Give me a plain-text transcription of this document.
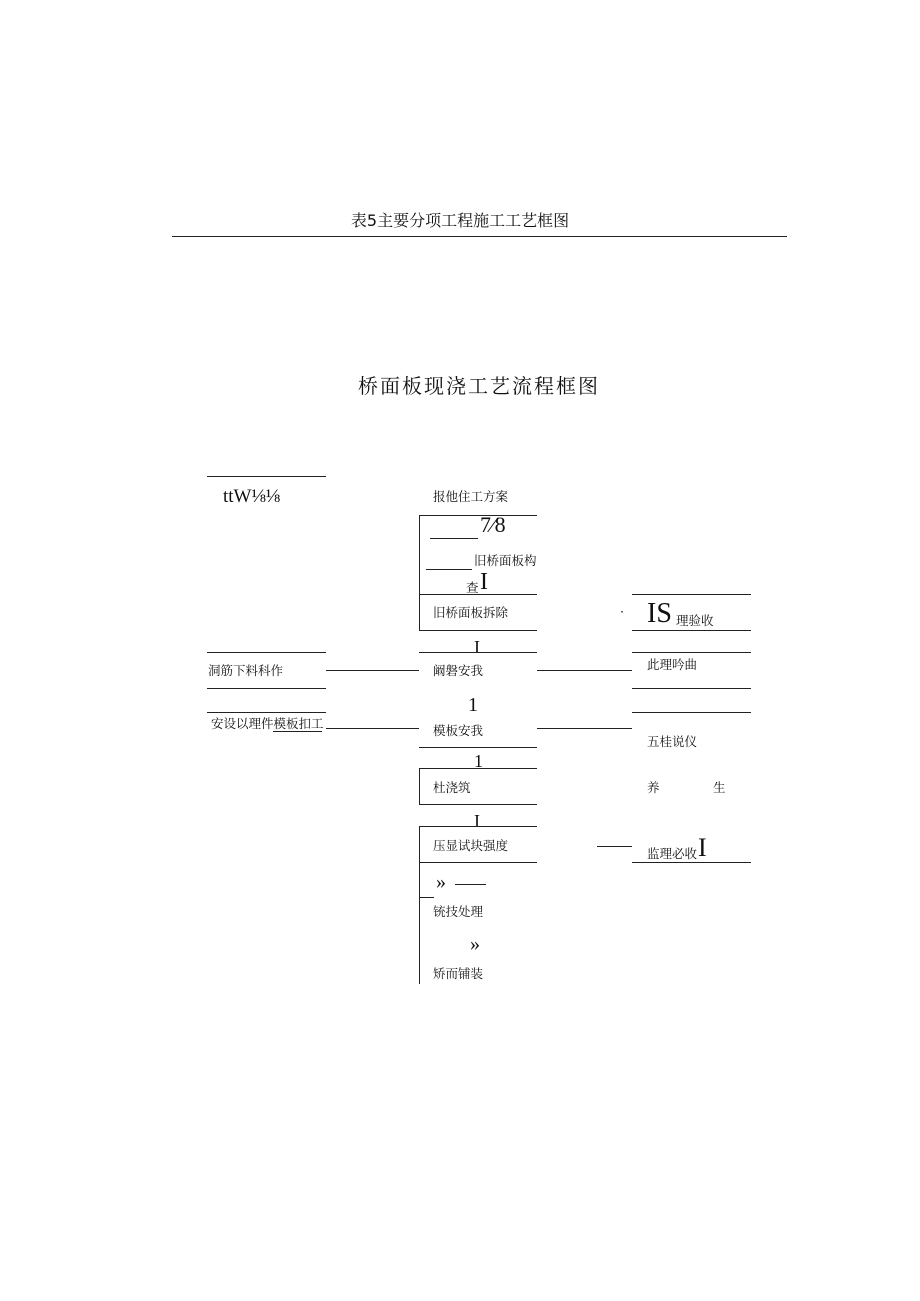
表5主要分项工程施工工艺框图
桥面板现浇工艺流程框图
ttW⅛⅛
洞筋下料科作
安设以理件模板扣工
报他住工方案
7⁄8
旧桥面板构
查 I
旧桥面板拆除
I
阚磐安我
1
模板安我
1
杜浇筑
I
压显试块强度
»
铳技处理
»
矫而铺装
· IS 理验收
此理吟曲
五桂说仪
养	生
监理必收 I
